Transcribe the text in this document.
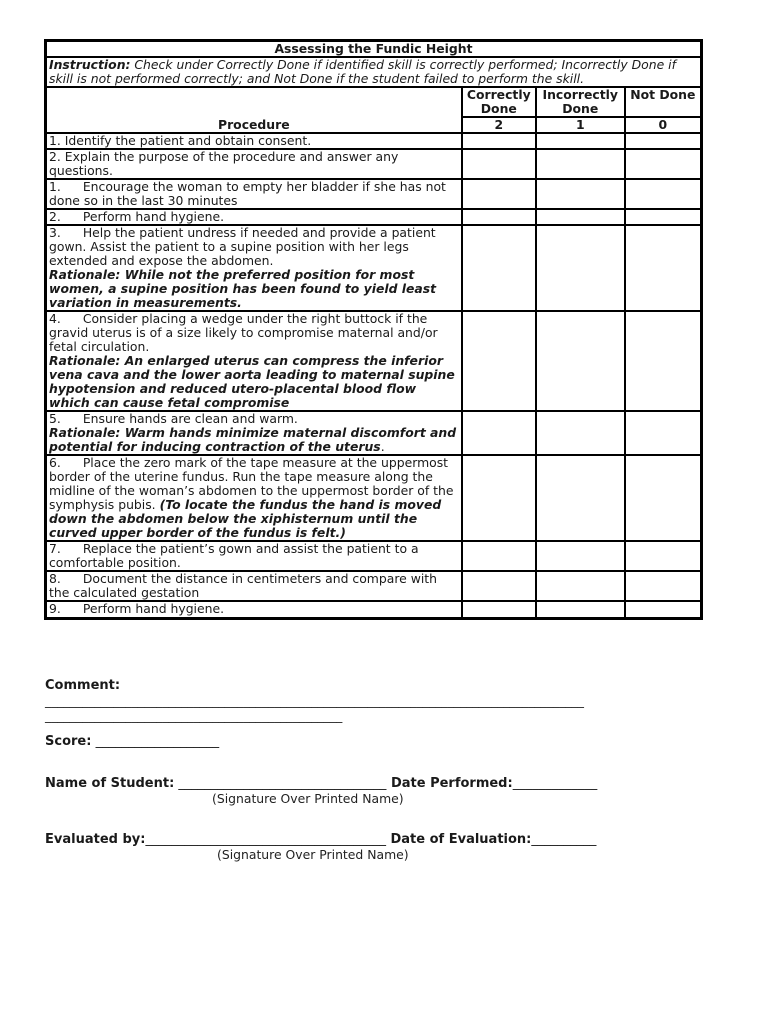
Assessing the Fundic Height			
Instruction: Check under Correctly Done if identified skill is correctly performed; Incorrectly Done if skill is not performed correctly; and Not Done if the student failed to perform the skill.			
Procedure	Correctly Done	Incorrectly Done	Not Done
	2	1	0
1. Identify the patient and obtain consent.			
2. Explain the purpose of the procedure and answer any questions.			
1. Encourage the woman to empty her bladder if she has not done so in the last 30 minutes			
2. Perform hand hygiene.			
3. Help the patient undress if needed and provide a patient gown. Assist the patient to a supine position with her legs extended and expose the abdomen.
Rationale: While not the preferred position for most women, a supine position has been found to yield least variation in measurements.			
4. Consider placing a wedge under the right buttock if the gravid uterus is of a size likely to compromise maternal and/or fetal circulation.
Rationale: An enlarged uterus can compress the inferior vena cava and the lower aorta leading to maternal supine hypotension and reduced utero-placental blood flow which can cause fetal compromise			
5. Ensure hands are clean and warm.
Rationale: Warm hands minimize maternal discomfort and potential for inducing contraction of the uterus.			
6. Place the zero mark of the tape measure at the uppermost border of the uterine fundus. Run the tape measure along the midline of the woman’s abdomen to the uppermost border of the symphysis pubis. (To locate the fundus the hand is moved down the abdomen below the xiphisternum until the curved upper border of the fundus is felt.)			
7. Replace the patient’s gown and assist the patient to a comfortable position.			
8. Document the distance in centimeters and compare with the calculated gestation			
9. Perform hand hygiene.			
Comment:
_______________________________________________________________________________________
________________________________________________
Score: ___________________
Name of Student: ________________________________ Date Performed:_____________
(Signature Over Printed Name)
Evaluated by:_____________________________________ Date of Evaluation:__________
(Signature Over Printed Name)
